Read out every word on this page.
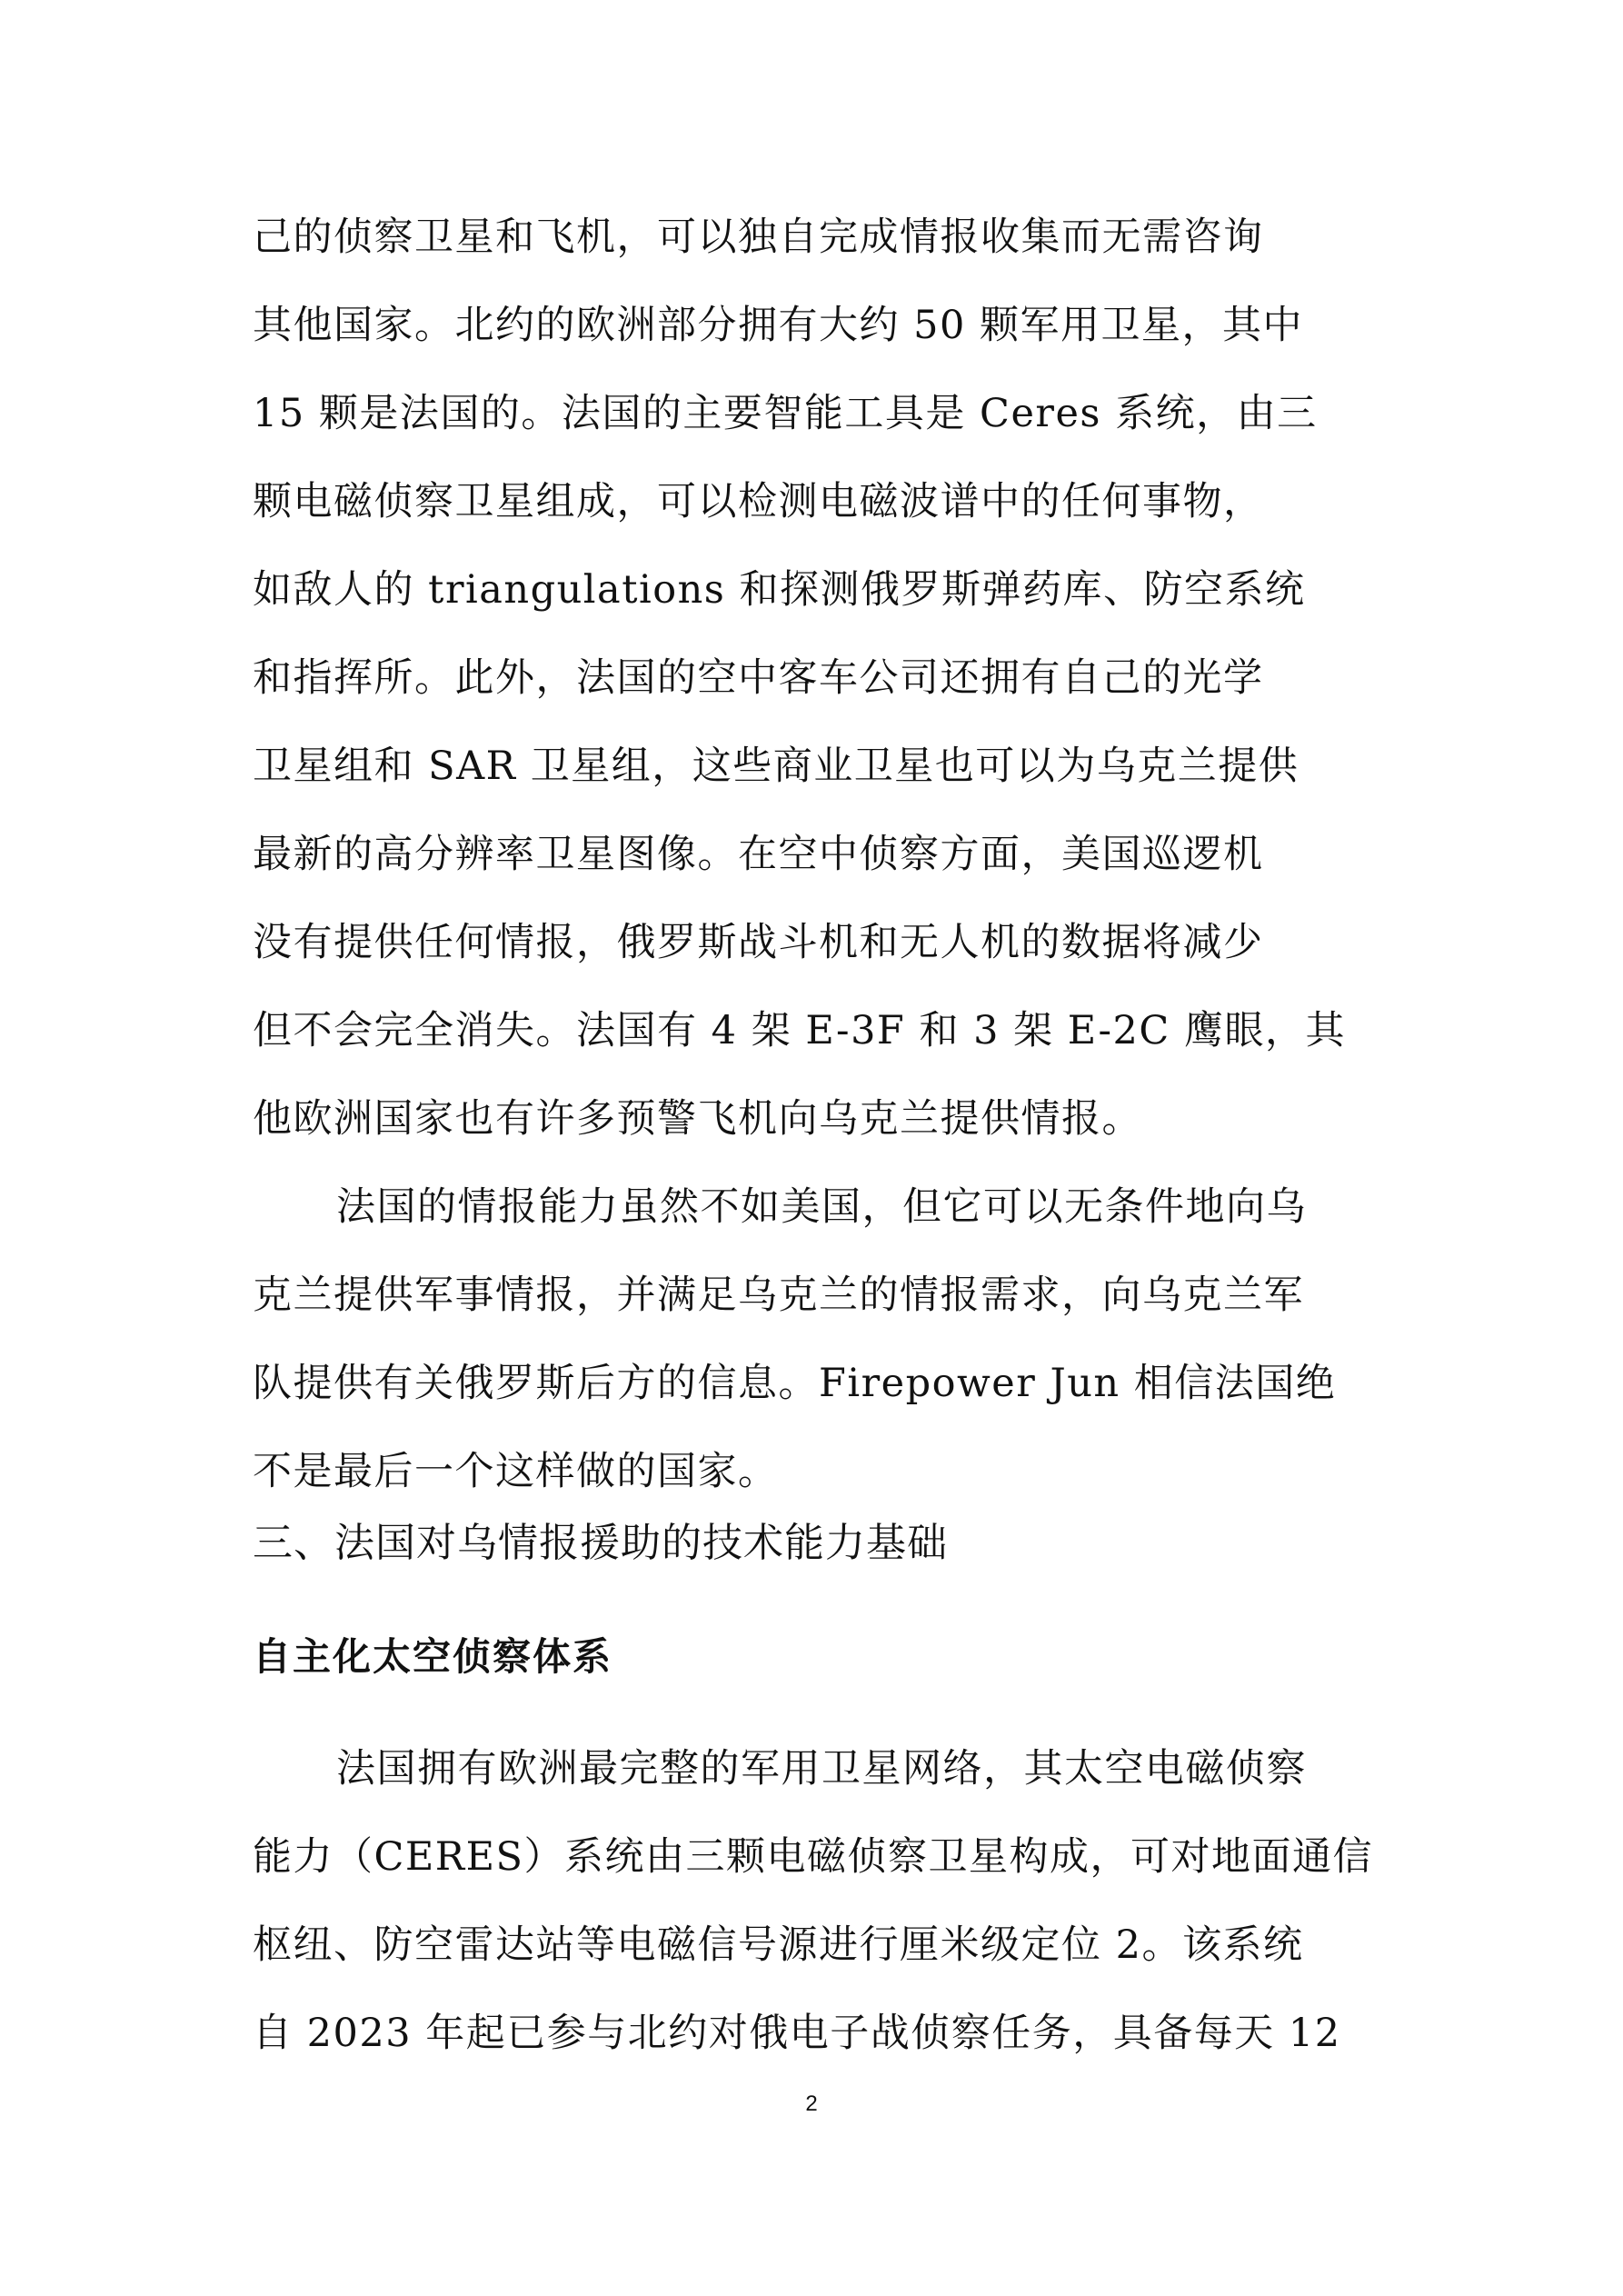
己的侦察卫星和飞机，可以独自完成情报收集而无需咨询
其他国家。北约的欧洲部分拥有大约 50 颗军用卫星，其中
15 颗是法国的。法国的主要智能工具是 Ceres 系统，由三
颗电磁侦察卫星组成，可以检测电磁波谱中的任何事物，
如敌人的 triangulations 和探测俄罗斯弹药库、防空系统
和指挥所。此外，法国的空中客车公司还拥有自己的光学
卫星组和 SAR 卫星组，这些商业卫星也可以为乌克兰提供
最新的高分辨率卫星图像。在空中侦察方面，美国巡逻机
没有提供任何情报，俄罗斯战斗机和无人机的数据将减少
但不会完全消失。法国有 4 架 E-3F 和 3 架 E-2C 鹰眼，其
他欧洲国家也有许多预警飞机向乌克兰提供情报。
法国的情报能力虽然不如美国，但它可以无条件地向乌
克兰提供军事情报，并满足乌克兰的情报需求，向乌克兰军
队提供有关俄罗斯后方的信息。Firepower Jun 相信法国绝
不是最后一个这样做的国家。
三、法国对乌情报援助的技术能力基础
自主化太空侦察体系
法国拥有欧洲最完整的军用卫星网络，其太空电磁侦察
能力（CERES）系统由三颗电磁侦察卫星构成，可对地面通信
枢纽、防空雷达站等电磁信号源进行厘米级定位 2。该系统
自 2023 年起已参与北约对俄电子战侦察任务，具备每天 12
2
